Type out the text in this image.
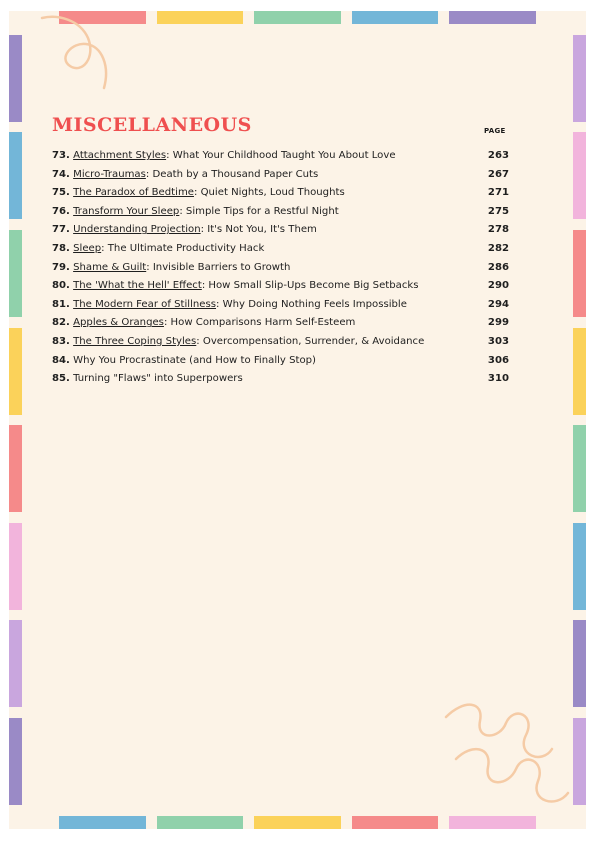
MISCELLANEOUS	PAGE
73. Attachment Styles: What Your Childhood Taught You About Love	263
74. Micro-Traumas: Death by a Thousand Paper Cuts	267
75. The Paradox of Bedtime: Quiet Nights, Loud Thoughts	271
76. Transform Your Sleep: Simple Tips for a Restful Night	275
77. Understanding Projection: It's Not You, It's Them	278
78. Sleep: The Ultimate Productivity Hack	282
79. Shame & Guilt: Invisible Barriers to Growth	286
80. The 'What the Hell' Effect: How Small Slip-Ups Become Big Setbacks	290
81. The Modern Fear of Stillness: Why Doing Nothing Feels Impossible	294
82. Apples & Oranges: How Comparisons Harm Self-Esteem	299
83. The Three Coping Styles: Overcompensation, Surrender, & Avoidance	303
84. Why You Procrastinate (and How to Finally Stop)	306
85. Turning "Flaws" into Superpowers	310
